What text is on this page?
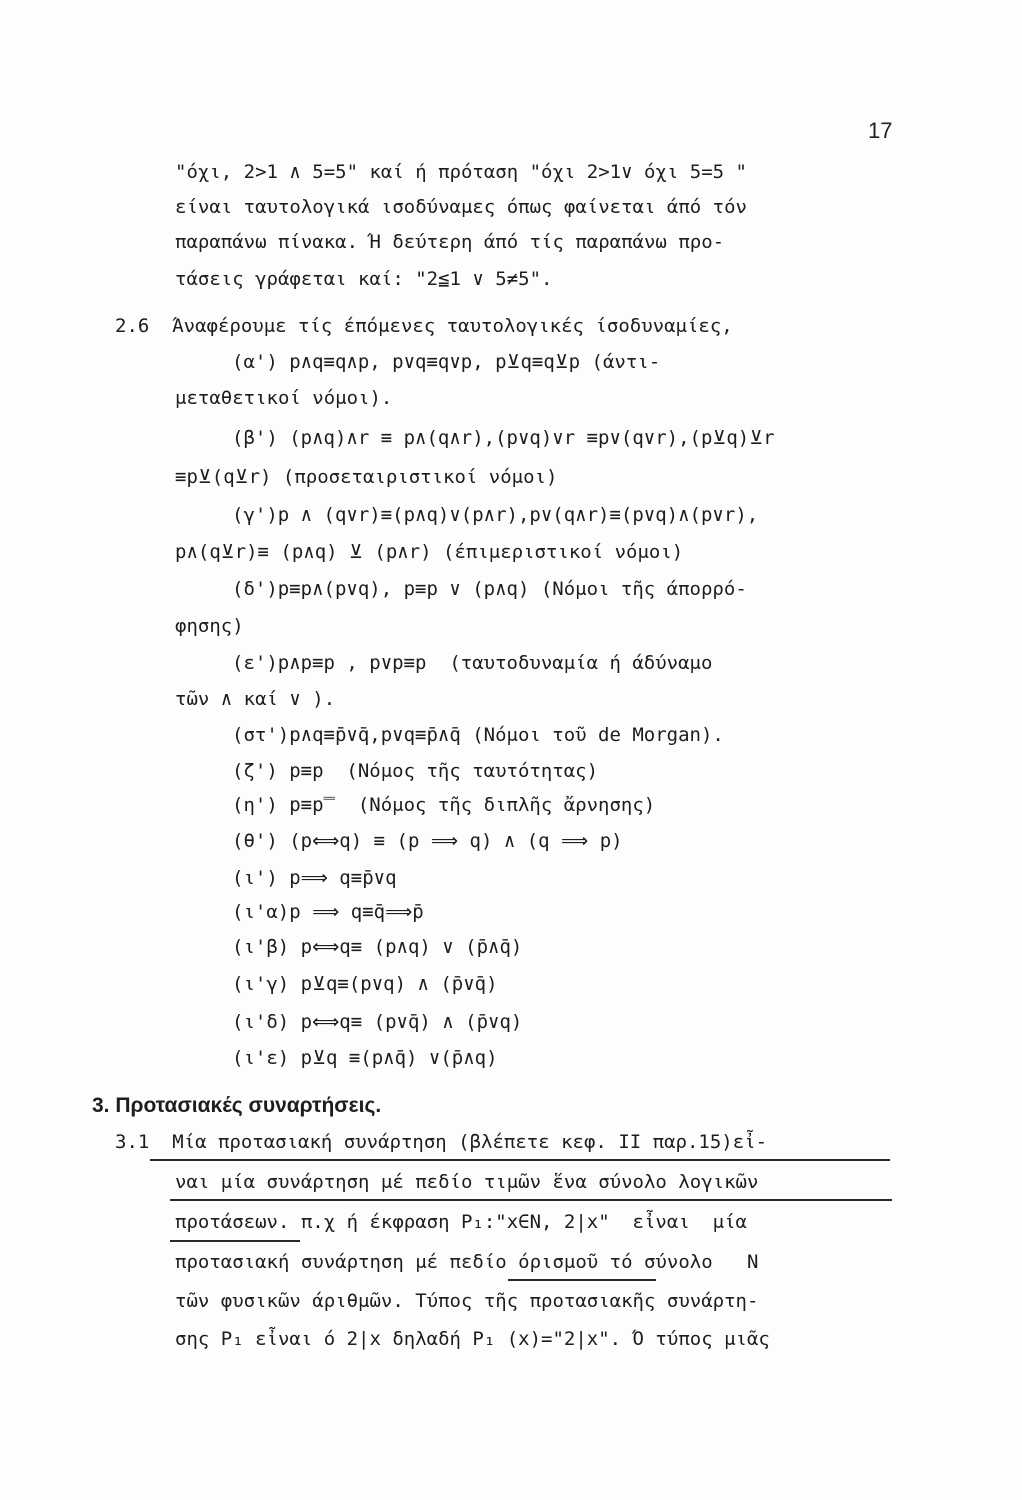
17
"όχι, 2>1 ∧ 5=5" καί ή πρόταση "όχι 2>1∨ όχι 5=5 "
είναι ταυτολογικά ισοδύναμες όπως φαίνεται άπό τόν
παραπάνω πίνακα. Ή δεύτερη άπό τίς παραπάνω προ-
τάσεις γράφεται καί: "2≦1 ∨ 5≠5".
2.6  Άναφέρουμε τίς έπόμενες ταυτολογικές ίσοδυναμίες,
(α') p∧q≡q∧p, p∨q≡q∨p, p⊻q≡q⊻p (άντι-
μεταθετικοί νόμοι).
(β') (p∧q)∧r ≡ p∧(q∧r),(p∨q)∨r ≡p∨(q∨r),(p⊻q)⊻r
≡p⊻(q⊻r) (προσεταιριστικοί νόμοι)
(γ')p ∧ (q∨r)≡(p∧q)∨(p∧r),p∨(q∧r)≡(p∨q)∧(p∨r),
p∧(q⊻r)≡ (p∧q) ⊻ (p∧r) (έπιμεριστικοί νόμοι)
(δ')p≡p∧(p∨q), p≡p ∨ (p∧q) (Νόμοι τῆς άπορρό-
φησης)
(ε')p∧p≡p , p∨p≡p  (ταυτοδυναμία ή άδύναμο
τῶν ∧ καί ∨ ).
(στ')p∧q≡p̄∨q̄,p∨q≡p̄∧q̄ (Νόμοι τοῦ de Morgan).
(ζ') p≡p  (Νόμος τῆς ταυτότητας)
(η') p≡p̿  (Νόμος τῆς διπλῆς ἄρνησης)
(θ') (p⟺q) ≡ (p ⟹ q) ∧ (q ⟹ p)
(ι') p⟹ q≡p̄∨q
(ι'α)p ⟹ q≡q̄⟹p̄
(ι'β) p⟺q≡ (p∧q) ∨ (p̄∧q̄)
(ι'γ) p⊻q≡(p∨q) ∧ (p̄∨q̄)
(ι'δ) p⟺q≡ (p∨q̄) ∧ (p̄∨q)
(ι'ε) p⊻q ≡(p∧q̄) ∨(p̄∧q)
3. Προτασιακές συναρτήσεις.
3.1  Μία προτασιακή συνάρτηση (βλέπετε κεφ. II παρ.15)εἶ-
ναι μία συνάρτηση μέ πεδίο τιμῶν ἕνα σύνολο λογικῶν
προτάσεων. π.χ ή έκφραση P₁:"x∈N, 2|x"  εἶναι  μία
προτασιακή συνάρτηση μέ πεδίο όρισμοῦ τό σύνολο   N
τῶν φυσικῶν άριθμῶν. Τύπος τῆς προτασιακῆς συνάρτη-
σης P₁ εἶναι ό 2|x δηλαδή P₁ (x)="2|x". Ό τύπος μιᾶς
